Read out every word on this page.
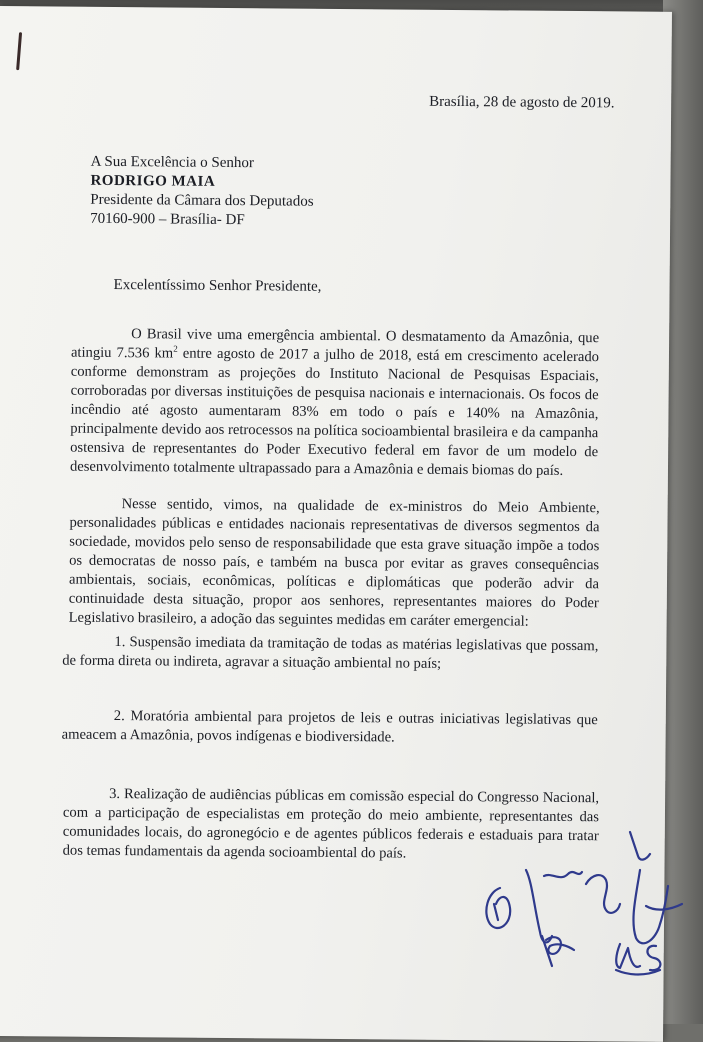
Brasília, 28 de agosto de 2019.
A Sua Excelência o Senhor
RODRIGO MAIA
Presidente da Câmara dos Deputados
70160-900 – Brasília- DF
Excelentíssimo Senhor Presidente,
O Brasil vive uma emergência ambiental. O desmatamento da Amazônia, que atingiu 7.536 $km^2$ entre agosto de 2017 a julho de 2018, está em crescimento acelerado conforme demonstram as projeções do Instituto Nacional de Pesquisas Espaciais, corroboradas por diversas instituições de pesquisa nacionais e internacionais. Os focos de incêndio até agosto aumentaram 83% em todo o país e 140% na Amazônia, principalmente devido aos retrocessos na política socioambiental brasileira e da campanha ostensiva de representantes do Poder Executivo federal em favor de um modelo de desenvolvimento totalmente ultrapassado para a Amazônia e demais biomas do país.
Nesse sentido, vimos, na qualidade de ex-ministros do Meio Ambiente, personalidades públicas e entidades nacionais representativas de diversos segmentos da sociedade, movidos pelo senso de responsabilidade que esta grave situação impõe a todos os democratas de nosso país, e também na busca por evitar as graves consequências ambientais, sociais, econômicas, políticas e diplomáticas que poderão advir da continuidade desta situação, propor aos senhores, representantes maiores do Poder Legislativo brasileiro, a adoção das seguintes medidas em caráter emergencial:
1. Suspensão imediata da tramitação de todas as matérias legislativas que possam, de forma direta ou indireta, agravar a situação ambiental no país;
2. Moratória ambiental para projetos de leis e outras iniciativas legislativas que ameacem a Amazônia, povos indígenas e biodiversidade.
3. Realização de audiências públicas em comissão especial do Congresso Nacional, com a participação de especialistas em proteção do meio ambiente, representantes das comunidades locais, do agronegócio e de agentes públicos federais e estaduais para tratar dos temas fundamentais da agenda socioambiental do país.
